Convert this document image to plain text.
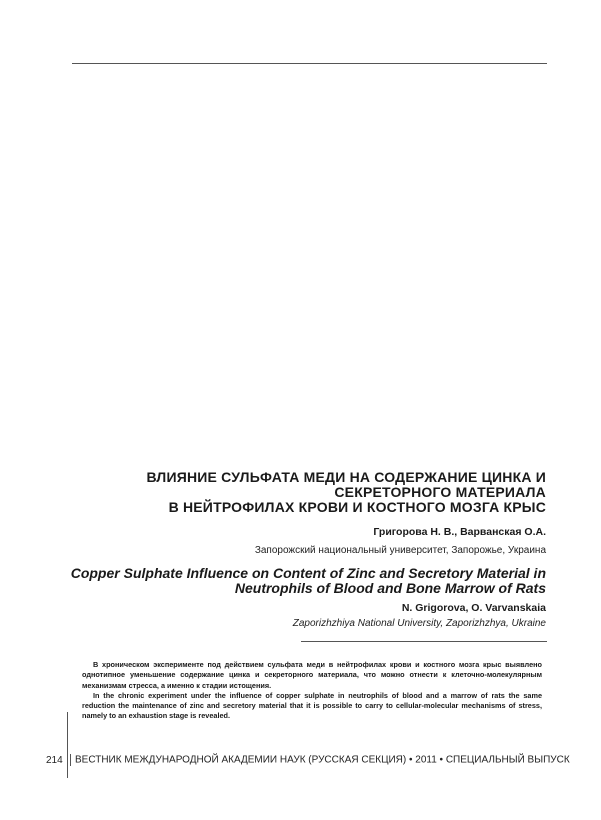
ВЛИЯНИЕ СУЛЬФАТА МЕДИ НА СОДЕРЖАНИЕ ЦИНКА И
СЕКРЕТОРНОГО МАТЕРИАЛА
В НЕЙТРОФИЛАХ КРОВИ И КОСТНОГО МОЗГА КРЫС
Григорова Н. В., Варванская О.А.
Запорожский национальный университет, Запорожье, Украина
Copper Sulphate Influence on Content of Zinc and Secretory Material in
Neutrophils of Blood and Bone Marrow of Rats
N. Grigorova, O. Varvanskaia
Zaporizhzhiya National University, Zaporizhzhya, Ukraine

В хроническом эксперименте под действием сульфата меди в нейтрофилах крови и костного мозга крыс выявлено однотипное уменьшение содержание цинка и секреторного материала, что можно отнести к клеточно-молекулярным механизмам стресса, а именно к стадии истощения.

In the chronic experiment under the influence of copper sulphate in neutrophils of blood and a marrow of rats the same reduction the maintenance of zinc and secretory material that it is possible to carry to cellular-molecular mechanisms of stress, namely to an exhaustion stage is revealed.

214 ВЕСТНИК МЕЖДУНАРОДНОЙ АКАДЕМИИ НАУК (РУССКАЯ СЕКЦИЯ) • 2011 • СПЕЦИАЛЬНЫЙ ВЫПУСК
